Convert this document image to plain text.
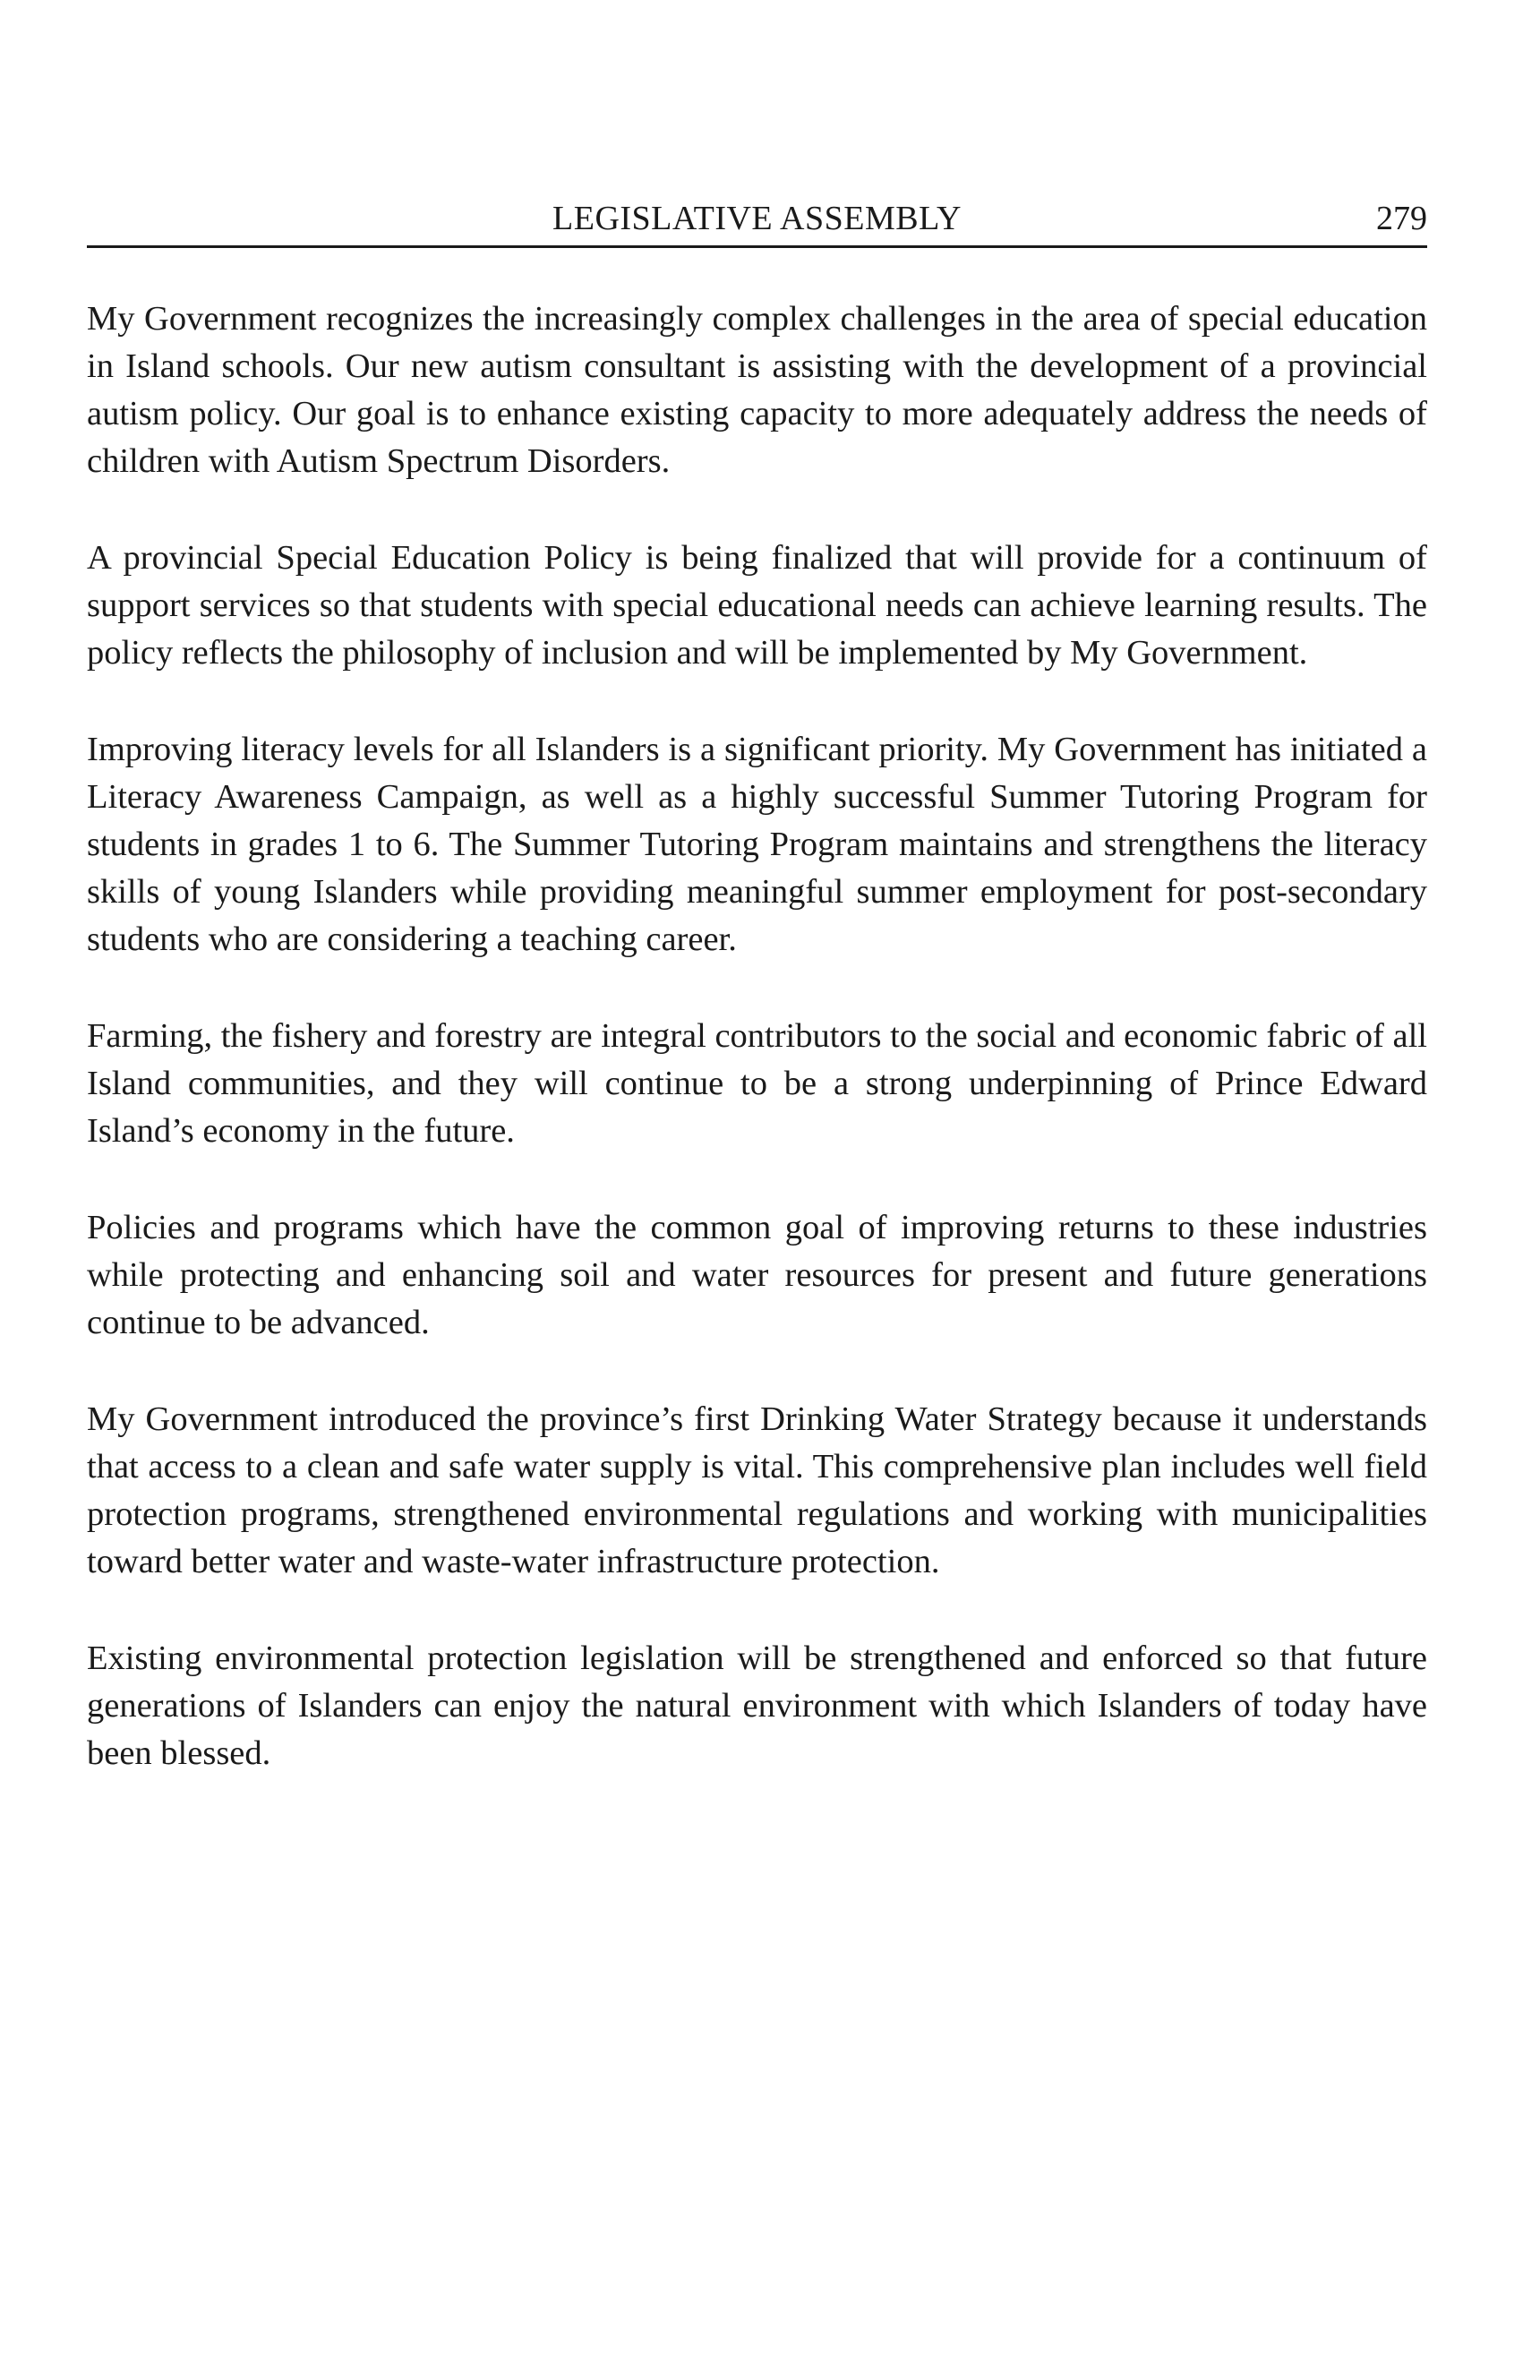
LEGISLATIVE ASSEMBLY	279

My Government recognizes the increasingly complex challenges in the area of special education in Island schools. Our new autism consultant is assisting with the development of a provincial autism policy. Our goal is to enhance existing capacity to more adequately address the needs of children with Autism Spectrum Disorders.

A provincial Special Education Policy is being finalized that will provide for a continuum of support services so that students with special educational needs can achieve learning results. The policy reflects the philosophy of inclusion and will be implemented by My Government.

Improving literacy levels for all Islanders is a significant priority. My Government has initiated a Literacy Awareness Campaign, as well as a highly successful Summer Tutoring Program for students in grades 1 to 6. The Summer Tutoring Program maintains and strengthens the literacy skills of young Islanders while providing meaningful summer employment for post-secondary students who are considering a teaching career.

Farming, the fishery and forestry are integral contributors to the social and economic fabric of all Island communities, and they will continue to be a strong underpinning of Prince Edward Island’s economy in the future.

Policies and programs which have the common goal of improving returns to these industries while protecting and enhancing soil and water resources for present and future generations continue to be advanced.

My Government introduced the province’s first Drinking Water Strategy because it understands that access to a clean and safe water supply is vital. This comprehensive plan includes well field protection programs, strengthened environmental regulations and working with municipalities toward better water and waste-water infrastructure protection.

Existing environmental protection legislation will be strengthened and enforced so that future generations of Islanders can enjoy the natural environment with which Islanders of today have been blessed.
